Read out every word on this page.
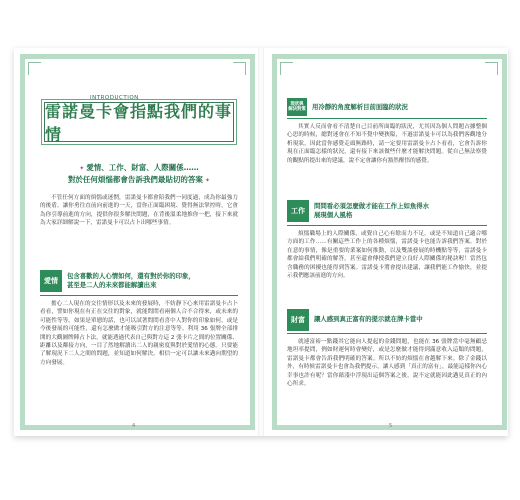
INTRODUCTION
雷諾曼卡會指點我們的事情
✦ 愛情、工作、財富、人際關係……
對於任何煩惱都會告訴我們最貼切的答案 ✦
不管任何方面的煩惱或迷惘，雷諾曼卡都會陪我們一同度過，成為你最強力的後盾。讓你勇往直前向前進的一天，當你正面臨困境、覺得無法掌控時，它會為你引導前進的方向，提供你很多解決問題，在背後溫柔地推你一把，接下來就為大家詳細解說一下，雷諾曼卡可以占卜出哪些事情。
愛情
包含喜歡的人心情如何，還有對於你的印象，
甚至是二人的未來都能解讀出來
擔心二人現在的交往情形以及未來的發展時，不妨靜下心來用雷諾曼卡占卜看看，譬如你現在有正在交往的對象，就能問問看兩個人合不合得來，或未來的可能性等等。如果是單戀的話，也可以試著問問看喜中人對你的印象如何，或是今後發展的可能性，還有怎麼做才能吸引對方的注意等等。利用 36 張牌全部排開的大觀圖牌陣占卜法，就能透過代表自己與對方這 2 張卡片之間的位置關係、距離以及鄰接方向，一目了然地解讀出二人的親密度與對於愛情的心態。只要能了解現況下二人之間的問題，並知道如何解決，相信一定可以讓未來邁向期望的方向發展。
4
現狀與
解決對策 用冷靜的角度解析目前面臨的狀況
其實人反而會看不清楚自己目前所面臨的狀況，尤其因為個人問題占據整個心思的時候，總對迷會在不知不覺中變狹隘，不過雷諾曼卡可以為我們客觀地分析現狀，因此當你感覺走頭無路時，請一定要用雷諾曼卡占卜看看，它會告訴你現在正面臨怎樣的狀況，還有接下來該做些什麼才能解決問題。從自己無法察覺的觀點所提出來的建議，說不定會讓你有豁然醒悟的感覺。
工作
問問看必須怎麼做才能在工作上如魚得水
展現個人風格
煩惱職場上的人際關係，或覺自己心有餘而力不足，或是不知道自己適合哪方面的工作……有關這些工作上的各種煩惱，雷諾曼卡也能告訴我們答案。對於在意的事情，像是重要的業案如何推動，以及雙談發展的時機點等等，雷諾曼卡都會給我們明確的解答，甚至還會傳授我們建立良好人際關係的秘訣喔！當然包含職務的困擾也能得到答案。雷諾曼卡將會提出建議，讓我們能工作愉快，並提示我們應該前進的方向。
財富	讓人感到真正富有的提示就在牌卡當中
就連富裕一點錢其它能向人提起的金錢問題，也能在 36 張牌當中毫無顧忌地坦率提問，例如財運何時會變好，或是怎麼做才能得到滿意收入這類的問題，雷諾曼卡都會告訴我們明確的答案。所以不妨的煩惱在會越解下來。除了金錢以外，有時候雷諾曼卡也會為我們提示，讓人感到「真正的富有」，最能這樣你內心幸事也許有呢？當你藉淺中浮現出這個答案之後，說不定就能因此邁見真正的內心所求。
5
